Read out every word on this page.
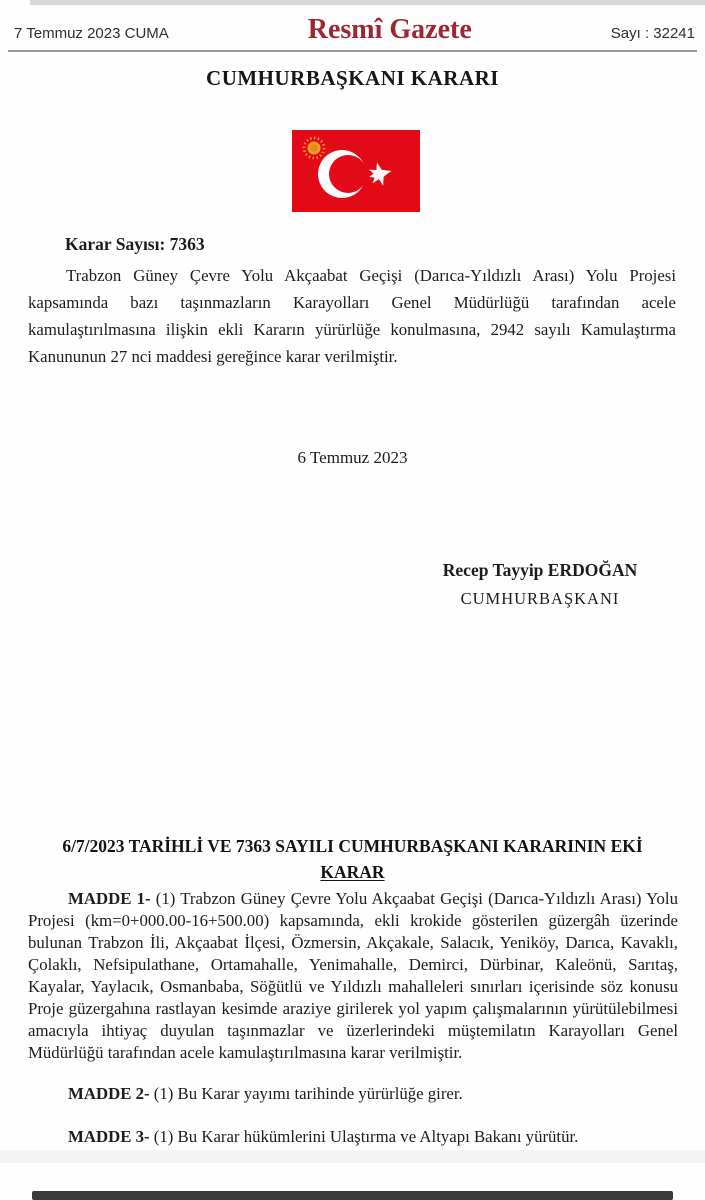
7 Temmuz 2023 CUMA	Resmî Gazete	Sayı : 32241
CUMHURBAŞKANI KARARI
Karar Sayısı: 7363

Trabzon Güney Çevre Yolu Akçaabat Geçişi (Darıca-Yıldızlı Arası) Yolu Projesi kapsamında bazı taşınmazların Karayolları Genel Müdürlüğü tarafından acele kamulaştırılmasına ilişkin ekli Kararın yürürlüğe konulmasına, 2942 sayılı Kamulaştırma Kanununun 27 nci maddesi gereğince karar verilmiştir.

6 Temmuz 2023
Recep Tayyip ERDOĞAN
CUMHURBAŞKANI
6/7/2023 TARİHLİ VE 7363 SAYILI CUMHURBAŞKANI KARARININ EKİ
KARAR

MADDE 1- (1) Trabzon Güney Çevre Yolu Akçaabat Geçişi (Darıca-Yıldızlı Arası) Yolu Projesi (km=0+000.00-16+500.00) kapsamında, ekli krokide gösterilen güzergâh üzerinde bulunan Trabzon İli, Akçaabat İlçesi, Özmersin, Akçakale, Salacık, Yeniköy, Darıca, Kavaklı, Çolaklı, Nefsipulathane, Ortamahalle, Yenimahalle, Demirci, Dürbinar, Kaleönü, Sarıtaş, Kayalar, Yaylacık, Osmanbaba, Söğütlü ve Yıldızlı mahalleleri sınırları içerisinde söz konusu Proje güzergahına rastlayan kesimde araziye girilerek yol yapım çalışmalarının yürütülebilmesi amacıyla ihtiyaç duyulan taşınmazlar ve üzerlerindeki müştemilatın Karayolları Genel Müdürlüğü tarafından acele kamulaştırılmasına karar verilmiştir.

MADDE 2- (1) Bu Karar yayımı tarihinde yürürlüğe girer.

MADDE 3- (1) Bu Karar hükümlerini Ulaştırma ve Altyapı Bakanı yürütür.
